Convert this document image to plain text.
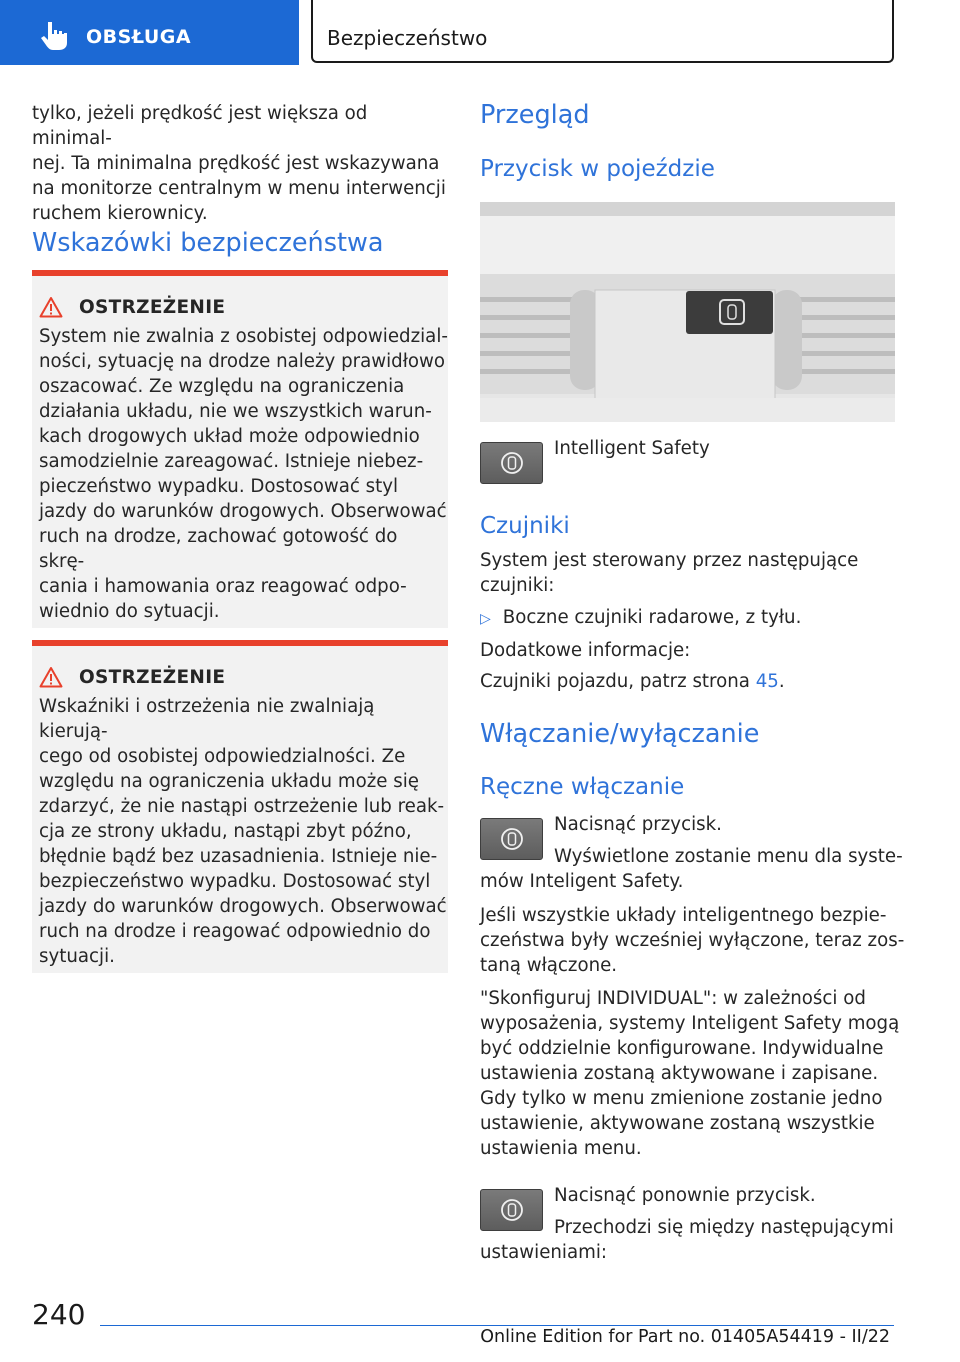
OBSŁUGA	Bezpieczeństwo

tylko, jeżeli prędkość jest większa od minimal-
nej. Ta minimalna prędkość jest wskazywana
na monitorze centralnym w menu interwencji
ruchem kierownicy.

Wskazówki bezpieczeństwa
OSTRZEŻENIE

System nie zwalnia z osobistej odpowiedzial-
ności, sytuację na drodze należy prawidłowo
oszacować. Ze względu na ograniczenia
działania układu, nie we wszystkich warun-
kach drogowych układ może odpowiednio
samodzielnie zareagować. Istnieje niebez-
pieczeństwo wypadku. Dostosować styl
jazdy do warunków drogowych. Obserwować
ruch na drodze, zachować gotowość do skrę-
cania i hamowania oraz reagować odpo-
wiednio do sytuacji.

OSTRZEŻENIE

Wskaźniki i ostrzeżenia nie zwalniają kierują-
cego od osobistej odpowiedzialności. Ze
względu na ograniczenia układu może się
zdarzyć, że nie nastąpi ostrzeżenie lub reak-
cja ze strony układu, nastąpi zbyt późno,
błędnie bądź bez uzasadnienia. Istnieje nie-
bezpieczeństwo wypadku. Dostosować styl
jazdy do warunków drogowych. Obserwować
ruch na drodze i reagować odpowiednio do
sytuacji.

Przegląd
Przycisk w pojeździe
Intelligent Safety
Czujniki

System jest sterowany przez następujące
czujniki:

▷ Boczne czujniki radarowe, z tyłu.
Dodatkowe informacje:
Czujniki pojazdu, patrz strona 45.
Włączanie/wyłączanie
Ręczne włączanie
Nacisnąć przycisk.
Wyświetlone zostanie menu dla syste-
mów Inteligent Safety.

Jeśli wszystkie układy inteligentnego bezpie-
czeństwa były wcześniej wyłączone, teraz zos-
taną włączone.

"Skonfiguruj INDIVIDUAL": w zależności od
wyposażenia, systemy Inteligent Safety mogą
być oddzielnie konfigurowane. Indywidualne
ustawienia zostaną aktywowane i zapisane.
Gdy tylko w menu zmienione zostanie jedno
ustawienie, aktywowane zostaną wszystkie
ustawienia menu.

Nacisnąć ponownie przycisk.
Przechodzi się między następującymi
ustawieniami:
240
Online Edition for Part no. 01405A54419 - II/22
